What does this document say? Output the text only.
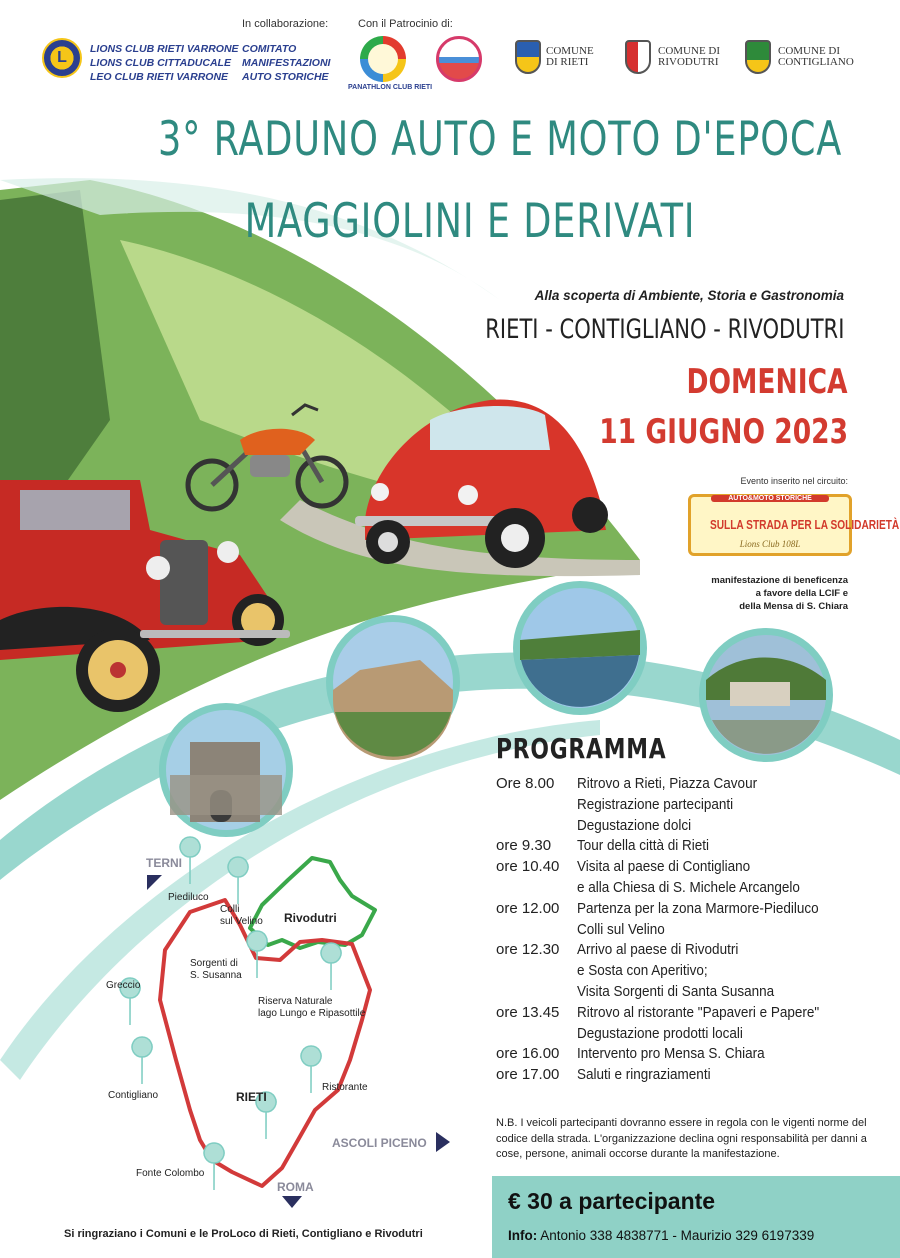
L
LIONS CLUB RIETI VARRONE
LIONS CLUB CITTADUCALE
LEO CLUB RIETI VARRONE
In collaborazione:
COMITATO
MANIFESTAZIONI
AUTO STORICHE
Con il Patrocinio di:
PANATHLON CLUB RIETI
COMUNE
DI RIETI
COMUNE DI
RIVODUTRI
COMUNE DI
CONTIGLIANO
3° RADUNO AUTO E MOTO D'EPOCA
MAGGIOLINI E DERIVATI
Alla scoperta di Ambiente, Storia e Gastronomia
RIETI - CONTIGLIANO - RIVODUTRI
DOMENICA
11 GIUGNO 2023
Evento inserito nel circuito:
AUTO&MOTO STORICHE
SULLA STRADA PER LA SOLIDARIETÀ
Lions Club 108L
manifestazione di beneficenza
a favore della LCIF e
della Mensa di S. Chiara
PROGRAMMA
Ore 8.00	Ritrovo a Rieti, Piazza Cavour
Registrazione partecipanti
Degustazione dolci
ore 9.30	Tour della città di Rieti
ore 10.40	Visita al paese di Contigliano
e alla Chiesa di S. Michele Arcangelo
ore 12.00	Partenza per la zona Marmore-Piediluco
Colli sul Velino
ore 12.30	Arrivo al paese di Rivodutri
e Sosta con Aperitivo;
Visita Sorgenti di Santa Susanna
ore 13.45	Ritrovo al ristorante "Papaveri e Papere"
Degustazione prodotti locali
ore 16.00	Intervento pro Mensa S. Chiara
ore 17.00	Saluti e ringraziamenti
N.B. I veicoli partecipanti dovranno essere in regola con le vigenti norme del codice della strada. L'organizzazione declina ogni responsabilità per danni a cose, persone, animali occorse durante la manifestazione.
€ 30 a partecipante
Info: Antonio 338 4838771 - Maurizio 329 6197339
Si ringraziano i Comuni e le ProLoco di Rieti, Contigliano e Rivodutri
TERNI
Piediluco
Colli
sul Velino Rivodutri
Sorgenti di
S. Susanna
Greccio
Riserva Naturale
lago Lungo e Ripasottile
Contigliano
Ristorante
RIETI
ASCOLI PICENO
Fonte Colombo
ROMA
